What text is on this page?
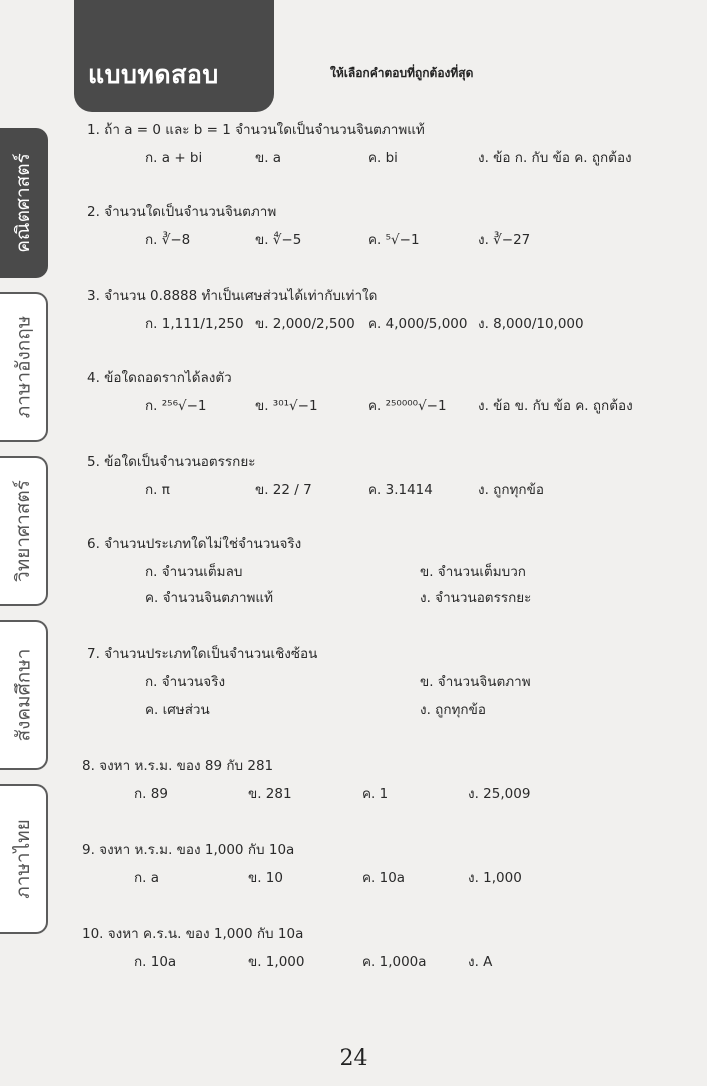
แบบทดสอบ	ให้เลือกคำตอบที่ถูกต้องที่สุด
คณิตศาสตร์
ภาษาอังกฤษ
วิทยาศาสตร์
สังคมศึกษา
ภาษาไทย
1. ถ้า a = 0 และ b = 1 จำนวนใดเป็นจำนวนจินตภาพแท้
ก. a + bi	ข. a	ค. bi	ง. ข้อ ก. กับ ข้อ ค. ถูกต้อง
2. จำนวนใดเป็นจำนวนจินตภาพ
ก. ∛−8	ข. ∜−5	ค. ⁵√−1	ง. ∛−27
3. จำนวน 0.8888 ทำเป็นเศษส่วนได้เท่ากับเท่าใด
ก. 1,111/1,250 ข. 2,000/2,500 ค. 4,000/5,000 ง. 8,000/10,000
4. ข้อใดถอดรากได้ลงตัว
ก. ²⁵⁶√−1	ข. ³⁰¹√−1	ค. ²⁵⁰⁰⁰⁰√−1 ง. ข้อ ข. กับ ข้อ ค. ถูกต้อง
5. ข้อใดเป็นจำนวนอตรรกยะ
ก. π	ข. 22 / 7	ค. 3.1414	ง. ถูกทุกข้อ
6. จำนวนประเภทใดไม่ใช่จำนวนจริง
ก. จำนวนเต็มลบ	ข. จำนวนเต็มบวก
ค. จำนวนจินตภาพแท้	ง. จำนวนอตรรกยะ
7. จำนวนประเภทใดเป็นจำนวนเชิงซ้อน
ก. จำนวนจริง	ข. จำนวนจินตภาพ
ค. เศษส่วน	ง. ถูกทุกข้อ
8. จงหา ห.ร.ม. ของ 89 กับ 281
ก. 89	ข. 281	ค. 1	ง. 25,009
9. จงหา ห.ร.ม. ของ 1,000 กับ 10a
ก. a	ข. 10	ค. 10a	ง. 1,000
10. จงหา ค.ร.น. ของ 1,000 กับ 10a
ก. 10a	ข. 1,000	ค. 1,000a	ง. A
24
